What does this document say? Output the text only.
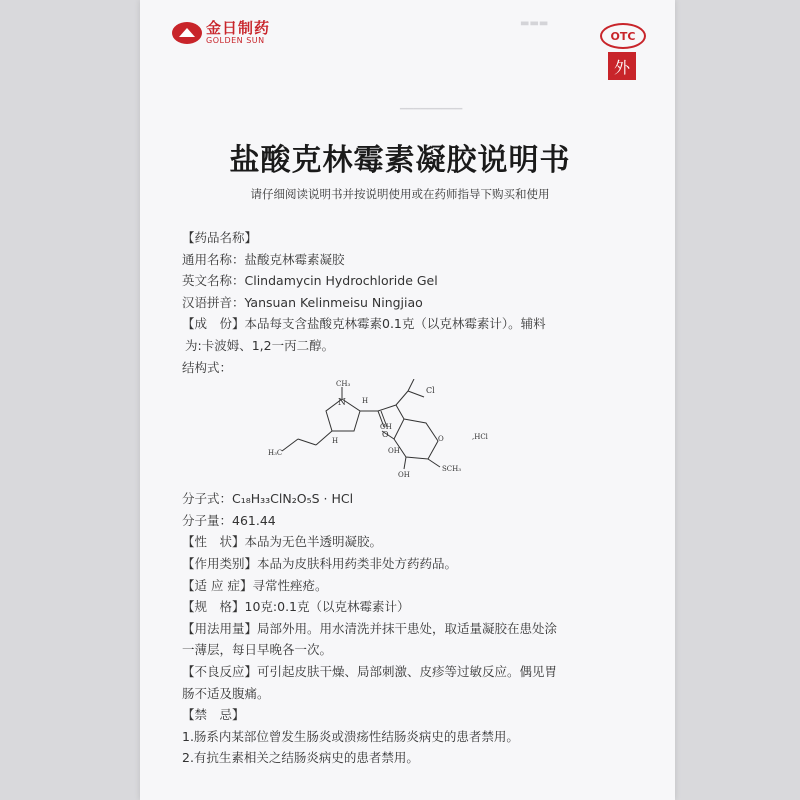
▬▬▬
▁▁▁▁▁▁▁▁▁
金日制药
GOLDEN SUN	OTC
外
盐酸克林霉素凝胶说明书
请仔细阅读说明书并按说明使用或在药师指导下购买和使用
【药品名称】
通用名称：盐酸克林霉素凝胶
英文名称：Clindamycin Hydrochloride Gel
汉语拼音：Yansuan Kelinmeisu Ningjiao
【成　份】本品每支含盐酸克林霉素0.1克（以克林霉素计）。辅料
为:卡波姆、1,2一丙二醇。
结构式：
CH₃
N H
H₃C
H
O
Cl
OH
OH
OH
O
SCH₃
,HCl
分子式：C₁₈H₃₃ClN₂O₅S · HCl
分子量：461.44
【性　状】本品为无色半透明凝胶。
【作用类别】本品为皮肤科用药类非处方药药品。
【适 应 症】寻常性痤疮。
【规　格】10克:0.1克（以克林霉素计）
【用法用量】局部外用。用水清洗并抹干患处，取适量凝胶在患处涂
一薄层，每日早晚各一次。
【不良反应】可引起皮肤干燥、局部刺激、皮疹等过敏反应。偶见胃
肠不适及腹痛。
【禁　忌】
1.肠系内某部位曾发生肠炎或溃疡性结肠炎病史的患者禁用。
2.有抗生素相关之结肠炎病史的患者禁用。
